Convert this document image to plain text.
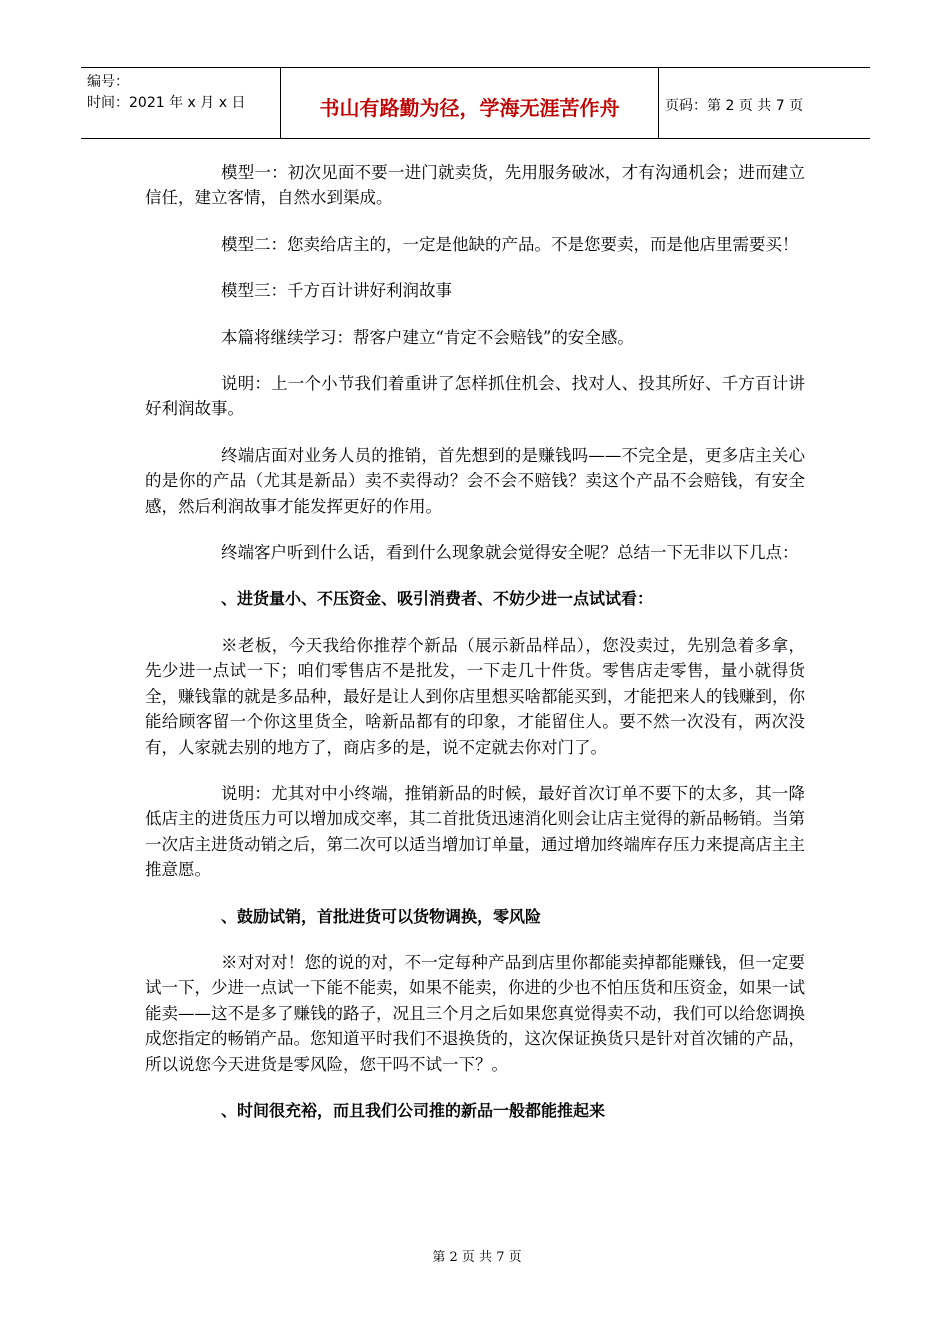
编号：
时间：2021 年 x 月 x 日	书山有路勤为径，学海无涯苦作舟	页码：第 2 页 共 7 页

模型一：初次见面不要一进门就卖货，先用服务破冰，才有沟通机会；进而建立信任，建立客情，自然水到渠成。

模型二：您卖给店主的，一定是他缺的产品。不是您要卖，而是他店里需要买！

模型三：千方百计讲好利润故事

本篇将继续学习：帮客户建立“肯定不会赔钱”的安全感。

说明：上一个小节我们着重讲了怎样抓住机会、找对人、投其所好、千方百计讲好利润故事。

终端店面对业务人员的推销，首先想到的是赚钱吗——不完全是，更多店主关心的是你的产品（尤其是新品）卖不卖得动？会不会不赔钱？卖这个产品不会赔钱，有安全感，然后利润故事才能发挥更好的作用。

终端客户听到什么话，看到什么现象就会觉得安全呢？总结一下无非以下几点：

、进货量小、不压资金、吸引消费者、不妨少进一点试试看：

※老板，今天我给你推荐个新品（展示新品样品），您没卖过，先别急着多拿，先少进一点试一下；咱们零售店不是批发，一下走几十件货。零售店走零售，量小就得货全，赚钱靠的就是多品种，最好是让人到你店里想买啥都能买到，才能把来人的钱赚到，你能给顾客留一个你这里货全，啥新品都有的印象，才能留住人。要不然一次没有，两次没有，人家就去别的地方了，商店多的是，说不定就去你对门了。

说明：尤其对中小终端，推销新品的时候，最好首次订单不要下的太多，其一降低店主的进货压力可以增加成交率，其二首批货迅速消化则会让店主觉得的新品畅销。当第一次店主进货动销之后，第二次可以适当增加订单量，通过增加终端库存压力来提高店主主推意愿。

、鼓励试销，首批进货可以货物调换，零风险

※对对对！您的说的对，不一定每种产品到店里你都能卖掉都能赚钱，但一定要试一下，少进一点试一下能不能卖，如果不能卖，你进的少也不怕压货和压资金，如果一试能卖——这不是多了赚钱的路子，况且三个月之后如果您真觉得卖不动，我们可以给您调换成您指定的畅销产品。您知道平时我们不退换货的，这次保证换货只是针对首次铺的产品，所以说您今天进货是零风险，您干吗不试一下？。

、时间很充裕，而且我们公司推的新品一般都能推起来

第 2 页 共 7 页
